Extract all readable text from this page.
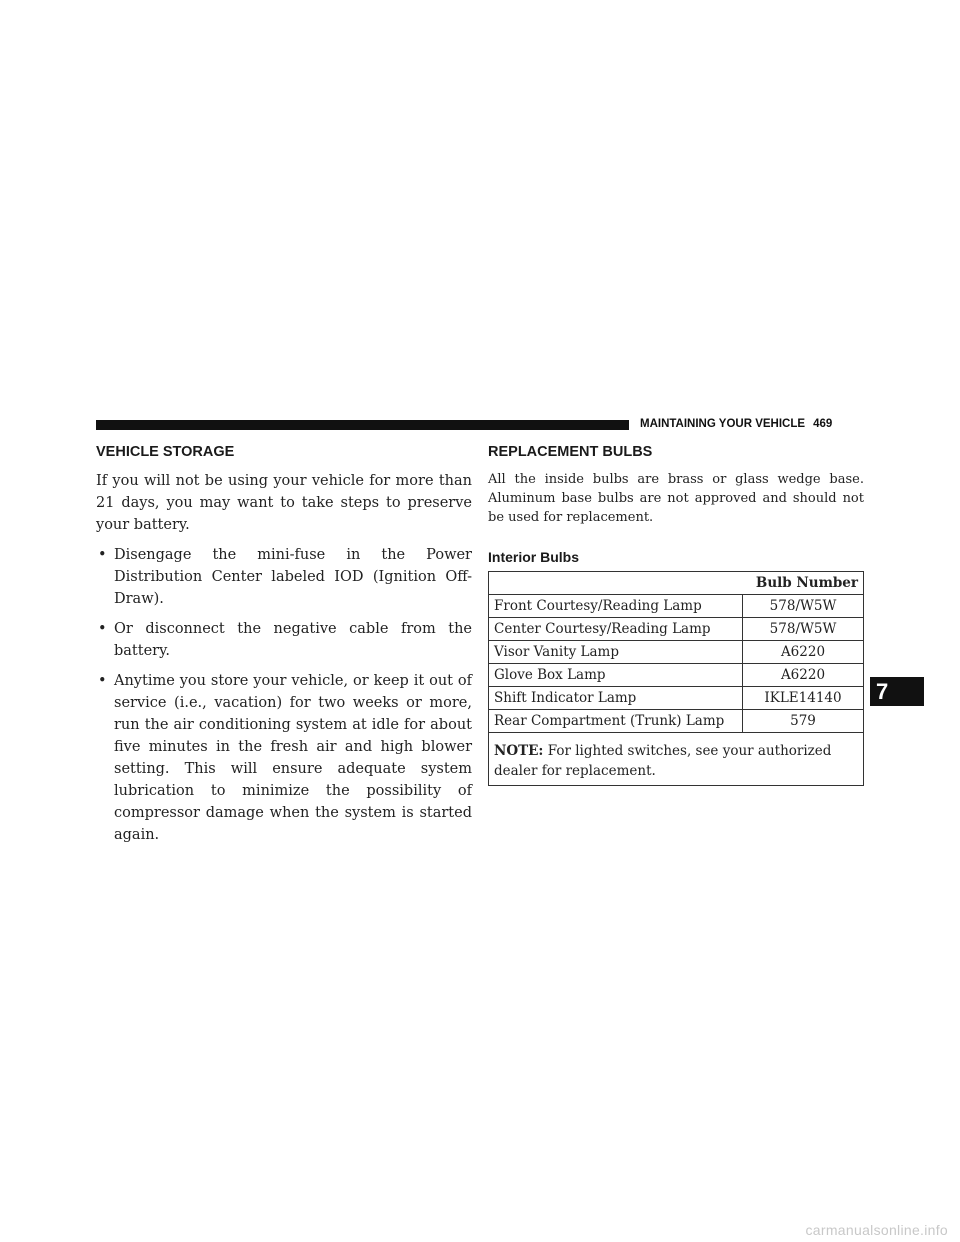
MAINTAINING YOUR VEHICLE 469
VEHICLE STORAGE

If you will not be using your vehicle for more than 21 days, you may want to take steps to preserve your battery.

• Disengage the mini-fuse in the Power Distribution Center labeled IOD (Ignition Off-Draw).
• Or disconnect the negative cable from the battery.
• Anytime you store your vehicle, or keep it out of service (i.e., vacation) for two weeks or more, run the air conditioning system at idle for about five minutes in the fresh air and high blower setting. This will ensure adequate system lubrication to minimize the possibility of compressor damage when the system is started again.
REPLACEMENT BULBS

All the inside bulbs are brass or glass wedge base. Aluminum base bulbs are not approved and should not be used for replacement.

Interior Bulbs
Bulb Number	
Front Courtesy/Reading Lamp	578/W5W
Center Courtesy/Reading Lamp	578/W5W
Visor Vanity Lamp	A6220
Glove Box Lamp	A6220
Shift Indicator Lamp	IKLE14140
Rear Compartment (Trunk) Lamp	579
NOTE: For lighted switches, see your authorized dealer for replacement.	
7
carmanualsonline.info
